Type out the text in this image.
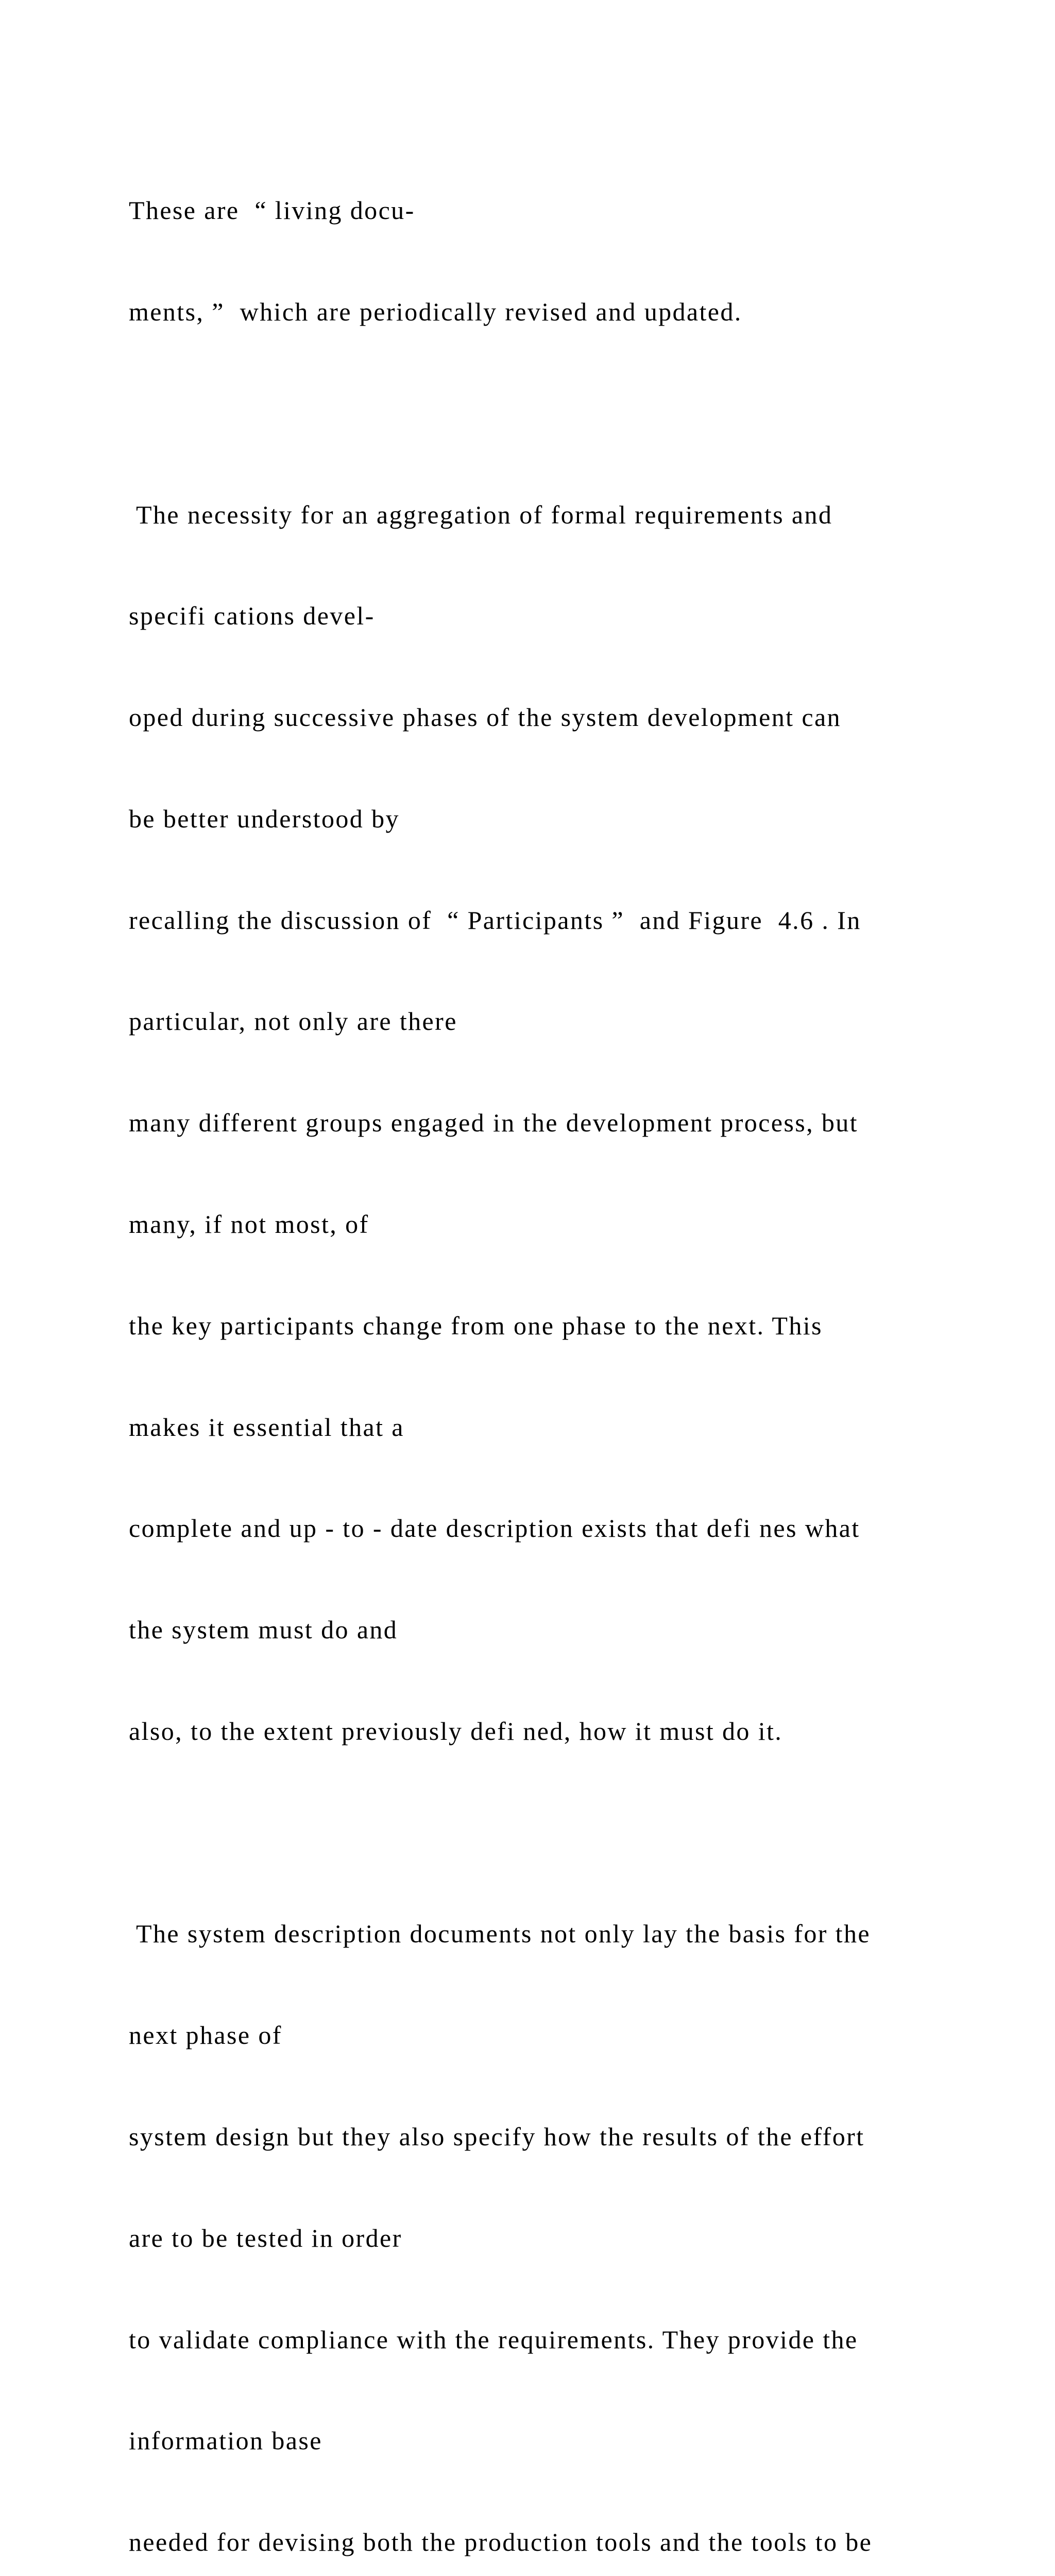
These are  “ living docu-

ments, ”  which are periodically revised and updated.

The necessity for an aggregation of formal requirements and

specifi cations devel-

oped during successive phases of the system development can

be better understood by

recalling the discussion of  “ Participants ”  and Figure  4.6 . In

particular, not only are there

many different groups engaged in the development process, but

many, if not most, of

the key participants change from one phase to the next. This

makes it essential that a

complete and up - to - date description exists that defi nes what

the system must do and

also, to the extent previously defi ned, how it must do it.

The system description documents not only lay the basis for the

next phase of

system design but they also specify how the results of the effort

are to be tested in order

to validate compliance with the requirements. They provide the

information base

needed for devising both the production tools and the tools to be
